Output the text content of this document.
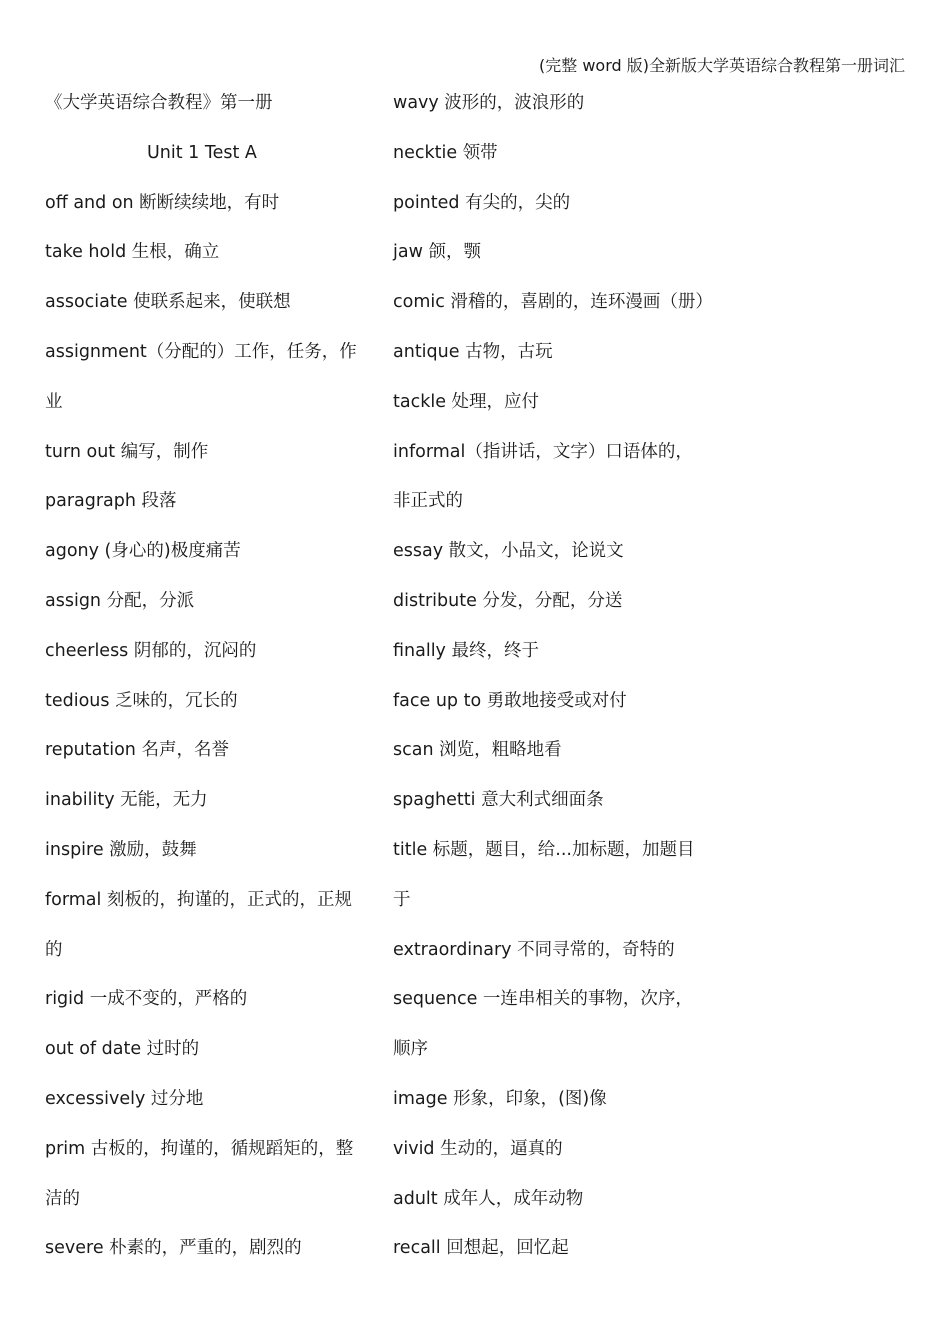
(完整 word 版)全新版大学英语综合教程第一册词汇
《大学英语综合教程》第一册
Unit 1 Test A
off and on 断断续续地，有时
take hold 生根，确立
associate 使联系起来，使联想
assignment（分配的）工作，任务，作
业
turn out 编写，制作
paragraph 段落
agony (身心的)极度痛苦
assign 分配，分派
cheerless 阴郁的，沉闷的
tedious 乏味的，冗长的
reputation 名声，名誉
inability 无能，无力
inspire 激励，鼓舞
formal 刻板的，拘谨的，正式的，正规
的
rigid 一成不变的，严格的
out of date 过时的
excessively 过分地
prim 古板的，拘谨的，循规蹈矩的，整
洁的
severe 朴素的，严重的，剧烈的
wavy 波形的，波浪形的
necktie 领带
pointed 有尖的，尖的
jaw 颌，颚
comic 滑稽的，喜剧的，连环漫画（册）
antique 古物，古玩
tackle 处理，应付
informal（指讲话，文字）口语体的，
非正式的
essay 散文，小品文，论说文
distribute 分发，分配，分送
finally 最终，终于
face up to 勇敢地接受或对付
scan 浏览，粗略地看
spaghetti 意大利式细面条
title 标题，题目，给...加标题，加题目
于
extraordinary 不同寻常的，奇特的
sequence 一连串相关的事物，次序，
顺序
image 形象，印象，(图)像
vivid 生动的，逼真的
adult 成年人，成年动物
recall 回想起，回忆起
